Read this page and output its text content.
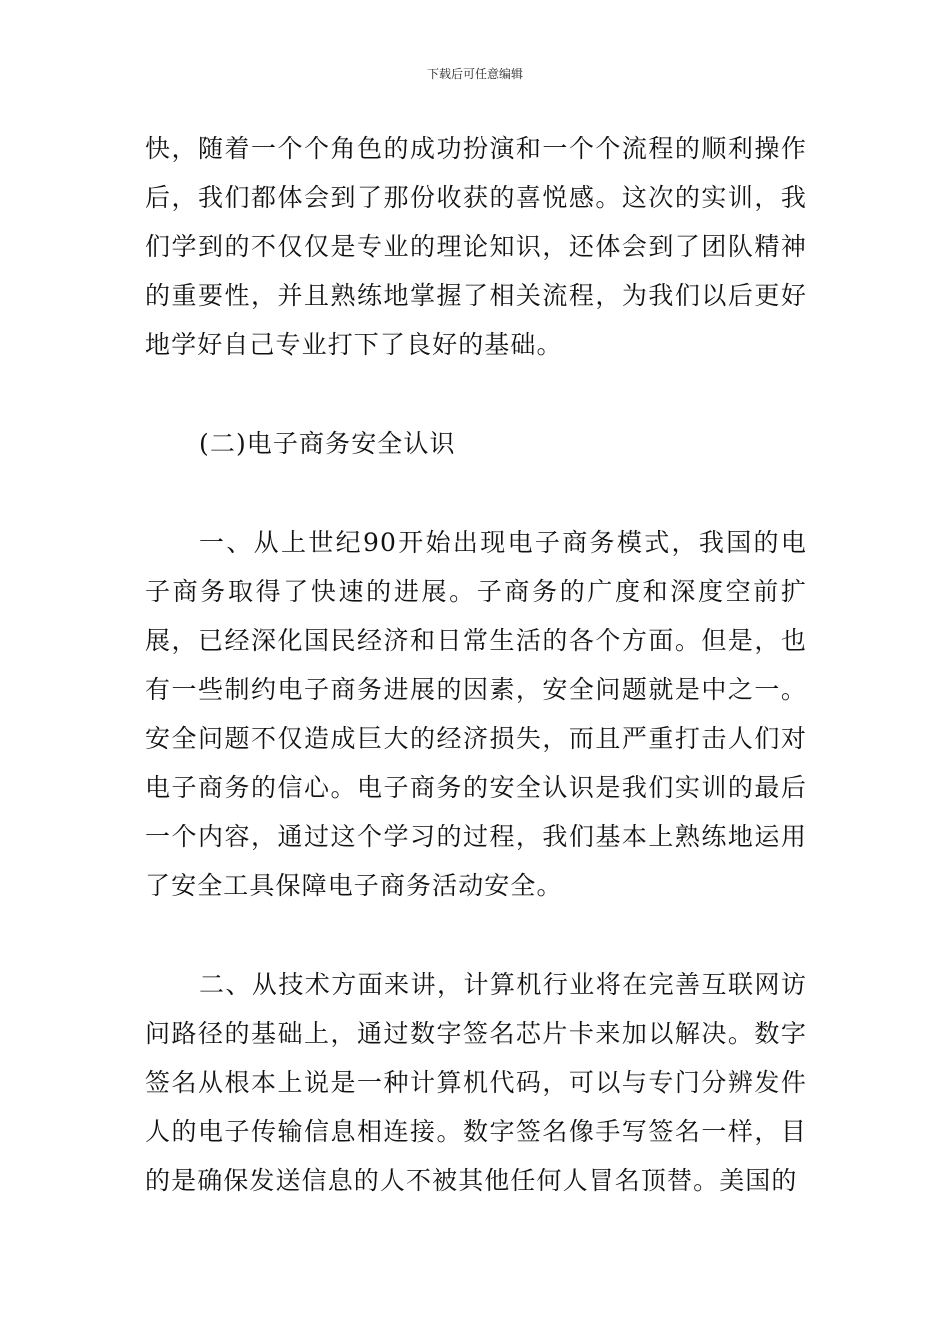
下载后可任意编辑

快，随着一个个角色的成功扮演和一个个流程的顺利操作后，我们都体会到了那份收获的喜悦感。这次的实训，我们学到的不仅仅是专业的理论知识，还体会到了团队精神的重要性，并且熟练地掌握了相关流程，为我们以后更好地学好自己专业打下了良好的基础。

(二)电子商务安全认识

一、从上世纪90开始出现电子商务模式，我国的电子商务取得了快速的进展。子商务的广度和深度空前扩展，已经深化国民经济和日常生活的各个方面。但是，也有一些制约电子商务进展的因素，安全问题就是中之一。安全问题不仅造成巨大的经济损失，而且严重打击人们对电子商务的信心。电子商务的安全认识是我们实训的最后一个内容，通过这个学习的过程，我们基本上熟练地运用了安全工具保障电子商务活动安全。

二、从技术方面来讲，计算机行业将在完善互联网访问路径的基础上，通过数字签名芯片卡来加以解决。数字签名从根本上说是一种计算机代码，可以与专门分辨发件人的电子传输信息相连接。数字签名像手写签名一样，目的是确保发送信息的人不被其他任何人冒名顶替。美国的
